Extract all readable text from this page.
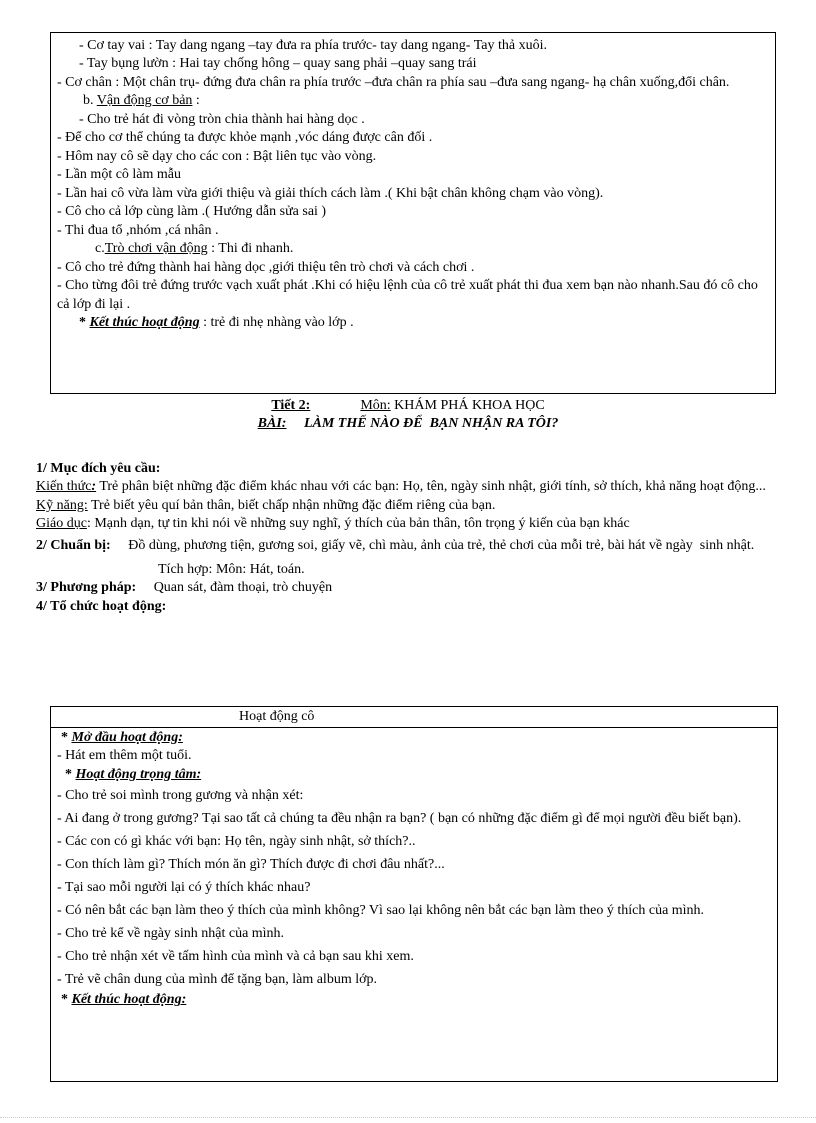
- Cơ tay vai : Tay dang ngang –tay đưa ra phía trước- tay dang ngang- Tay thả xuôi.

- Tay bụng lườn : Hai tay chống hông – quay sang phải –quay sang trái

- Cơ chân : Một chân trụ- đứng đưa chân ra phía trước –đưa chân ra phía sau –đưa sang ngang- hạ chân xuống,đổi chân.

b. Vận động cơ bản :

- Cho trẻ hát đi vòng tròn chia thành hai hàng dọc .

- Để cho cơ thể chúng ta được khỏe mạnh ,vóc dáng được cân đối .

- Hôm nay cô sẽ dạy cho các con : Bật liên tục vào vòng.

- Lần một cô làm mẫu

- Lần hai cô vừa làm vừa giới thiệu và giải thích cách làm .( Khi bật chân không chạm vào vòng).

- Cô cho cả lớp cùng làm .( Hướng dẫn sửa sai )

- Thi đua tổ ,nhóm ,cá nhân .

c.Trò chơi vận động : Thi đi nhanh.

- Cô cho trẻ đứng thành hai hàng dọc ,giới thiệu tên trò chơi và cách chơi .

- Cho từng đôi trẻ đứng trước vạch xuất phát .Khi có hiệu lệnh của cô trẻ xuất phát thi đua xem bạn nào nhanh.Sau đó cô cho cả lớp đi lại .

* Kết thúc hoạt động : trẻ đi nhẹ nhàng vào lớp .

Tiết 2:	Môn: KHÁM PHÁ KHOA HỌC
BÀI:     LÀM THẾ NÀO ĐỂ  BẠN NHẬN RA TÔI?

1/ Mục đích yêu cầu:

Kiến thức: Trẻ phân biệt những đặc điểm khác nhau với các bạn: Họ, tên, ngày sinh nhật, giới tính, sở thích, khả năng hoạt động...

Kỹ năng: Trẻ biết yêu quí bản thân, biết chấp nhận những đặc điểm riêng của bạn.

Giáo dục: Mạnh dạn, tự tin khi nói về những suy nghĩ, ý thích của bản thân, tôn trọng ý kiến của bạn khác

2/ Chuẩn bị:     Đồ dùng, phương tiện, gương soi, giấy vẽ, chì màu, ảnh của trẻ, thẻ chơi của mỗi trẻ, bài hát về ngày  sinh nhật.

Tích hợp: Môn: Hát, toán.

3/ Phương pháp:     Quan sát, đàm thoại, trò chuyện

4/ Tổ chức hoạt động:

Hoạt động cô

* Mở đầu hoạt động:

- Hát em thêm một tuổi.

* Hoạt động trọng tâm:

- Cho trẻ soi mình trong gương và nhận xét:

- Ai đang ở trong gương? Tại sao tất cả chúng ta đều nhận ra bạn? ( bạn có những đặc điểm gì để mọi người đều biết bạn).

- Các con có gì khác với bạn: Họ tên, ngày sinh nhật, sở thích?..

- Con thích làm gì? Thích món ăn gì? Thích được đi chơi đâu nhất?...

- Tại sao mỗi người lại có ý thích khác nhau?

- Có nên bắt các bạn làm theo ý thích của mình không? Vì sao lại không nên bắt các bạn làm theo ý thích của mình.

- Cho trẻ kể về ngày sinh nhật của mình.

- Cho trẻ nhận xét về tấm hình của mình và cả bạn sau khi xem.

- Trẻ vẽ chân dung của mình để tặng bạn, làm album lớp.

* Kết thúc hoạt động:
